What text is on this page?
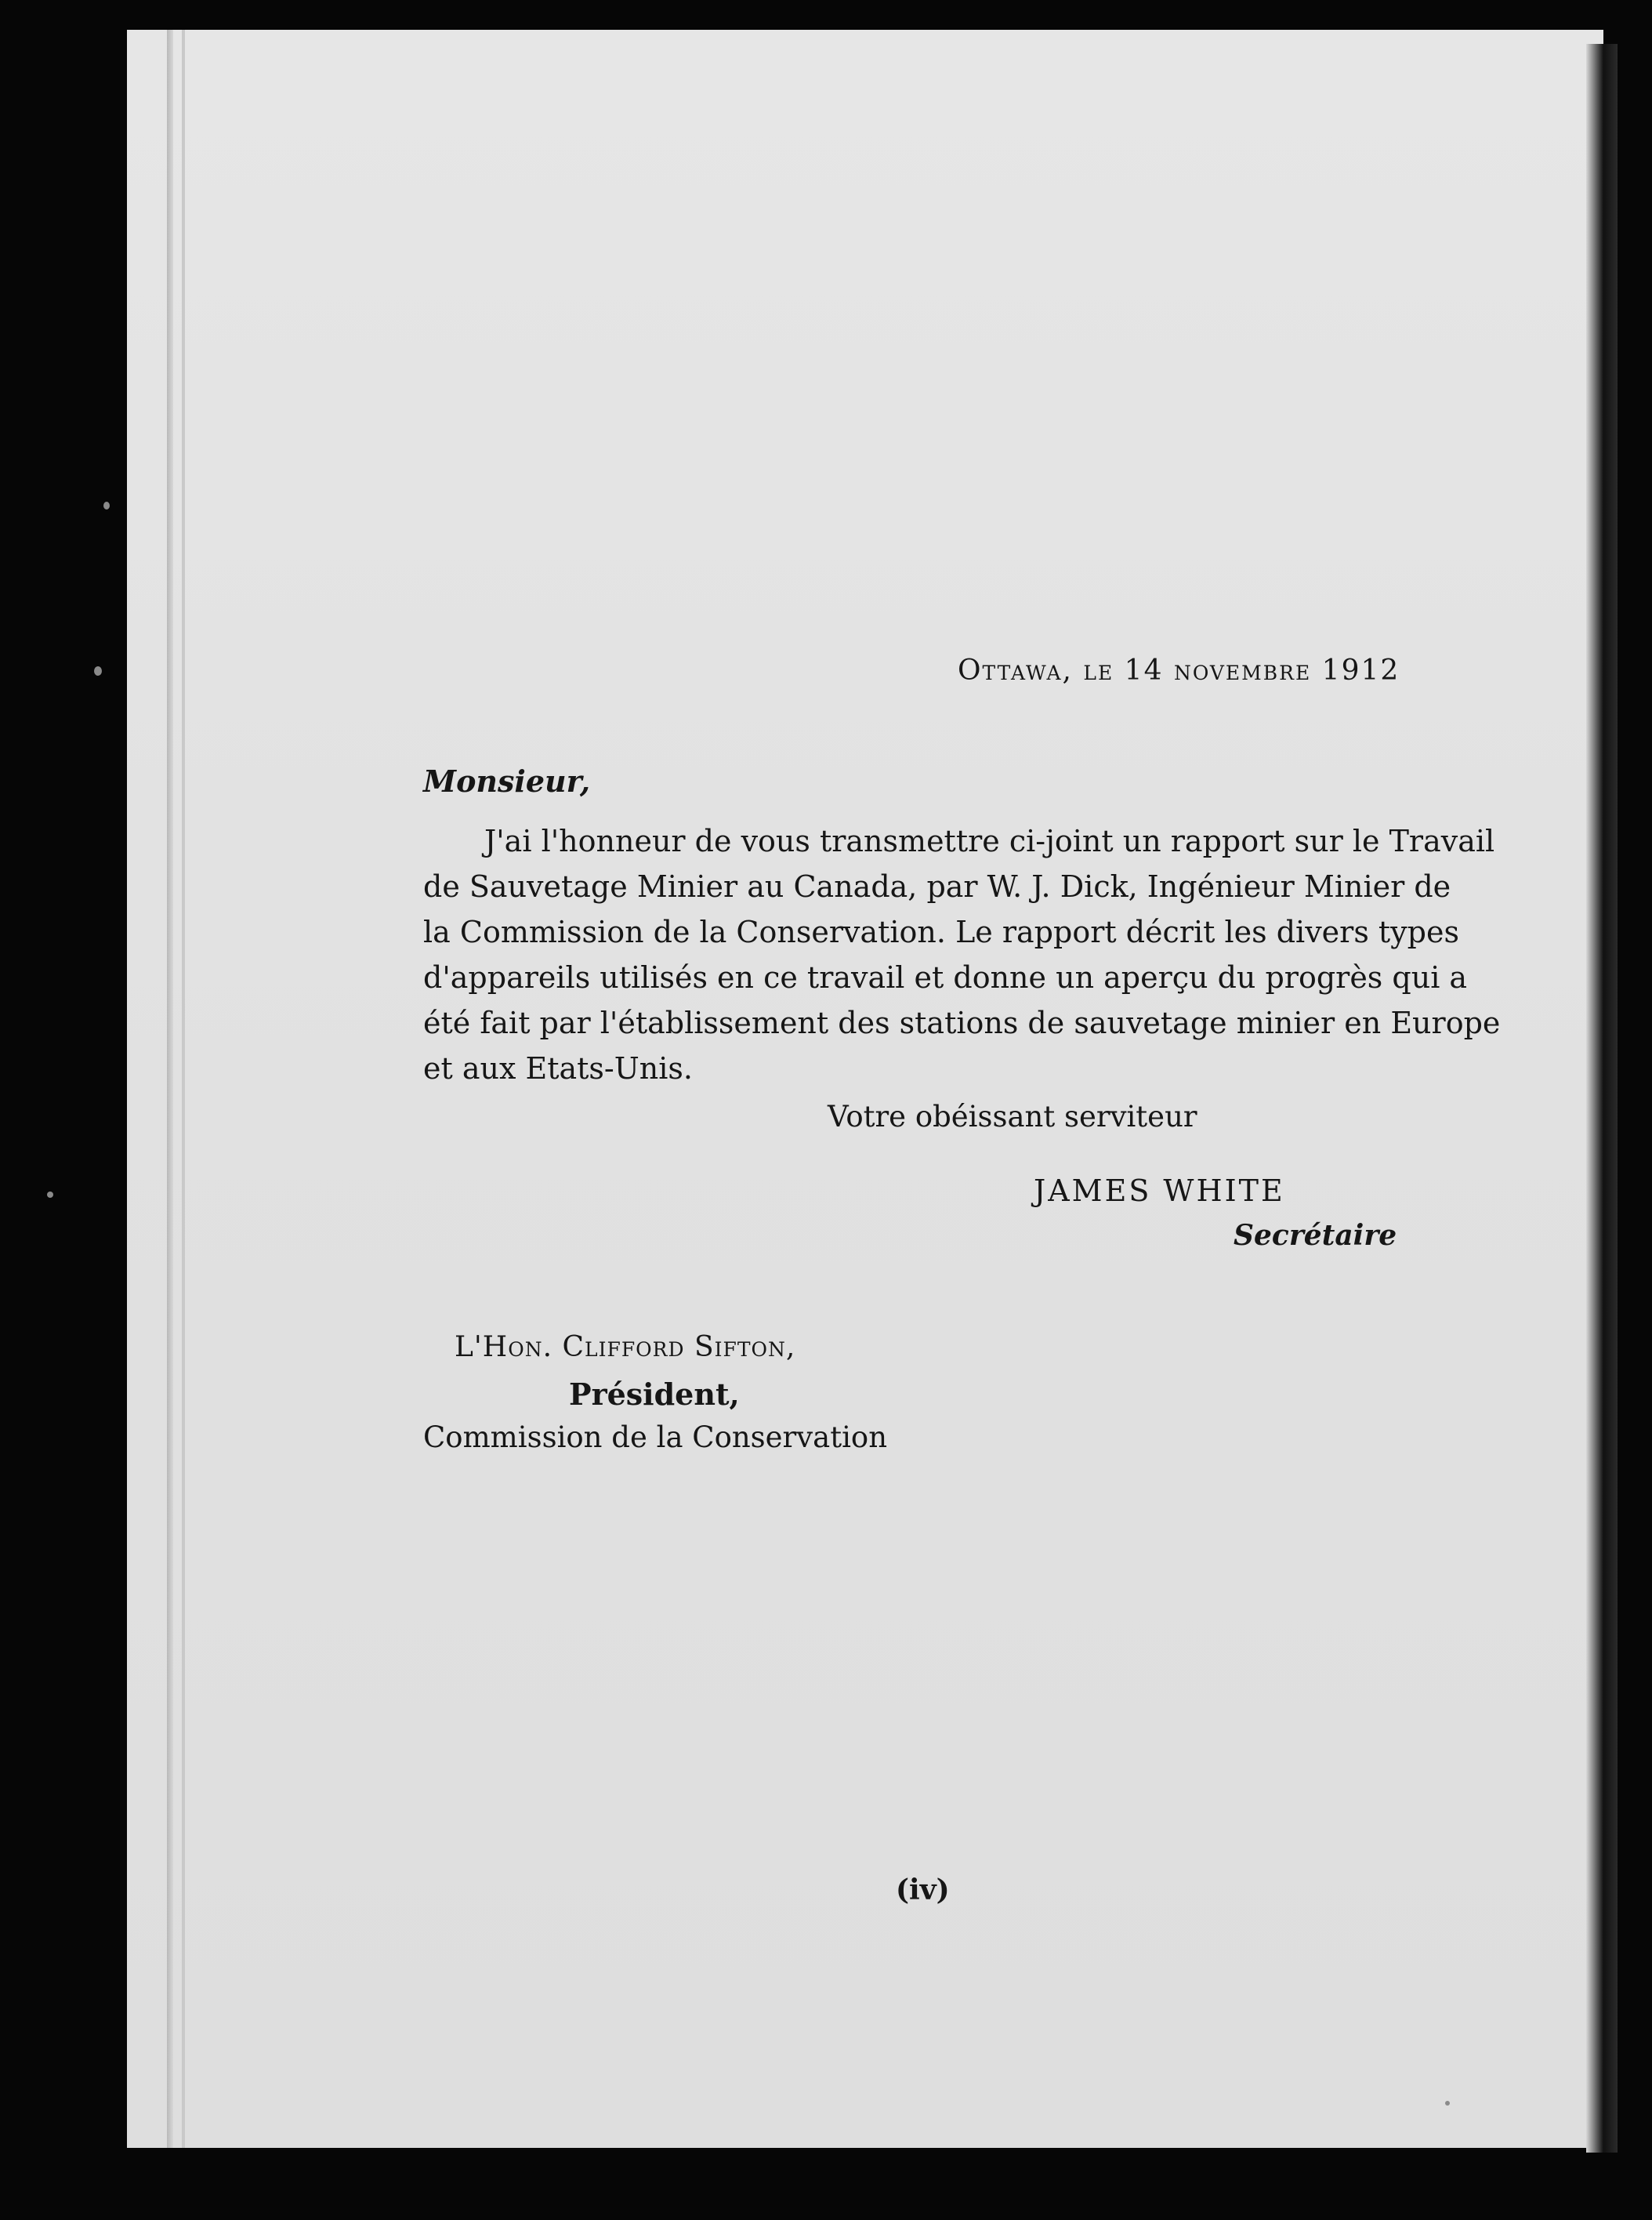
Ottawa, le 14 novembre 1912
Monsieur,
J'ai l'honneur de vous transmettre ci-joint un rapport sur le Travail
de Sauvetage Minier au Canada, par W. J. Dick, Ingénieur Minier de
la Commission de la Conservation. Le rapport décrit les divers types
d'appareils utilisés en ce travail et donne un aperçu du progrès qui a
été fait par l'établissement des stations de sauvetage minier en Europe
et aux Etats-Unis.
Votre obéissant serviteur
JAMES WHITE
Secrétaire
L'Hon. Clifford Sifton,
Président,
Commission de la Conservation
(iv)
